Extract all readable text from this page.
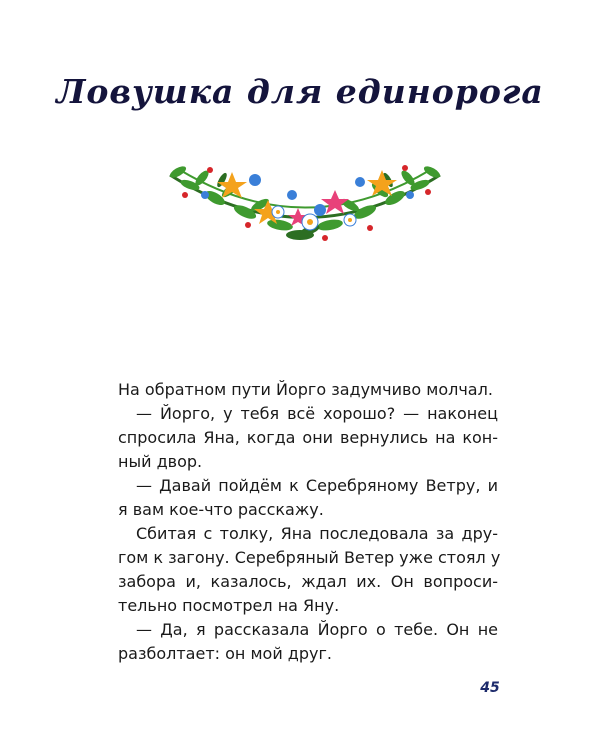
Ловушка для единорога
На обратном пути Йорго задумчиво молчал.
— Йорго, у тебя всё хорошо? — наконец
спросила Яна, когда они вернулись на кон-
ный двор.
— Давай пойдём к Серебряному Ветру, и
я вам кое-что расскажу.
Сбитая с толку, Яна последовала за дру-
гом к загону. Серебряный Ветер уже стоял у
забора и, казалось, ждал их. Он вопроси-
тельно посмотрел на Яну.
— Да, я рассказала Йорго о тебе. Он не
разболтает: он мой друг.
45
